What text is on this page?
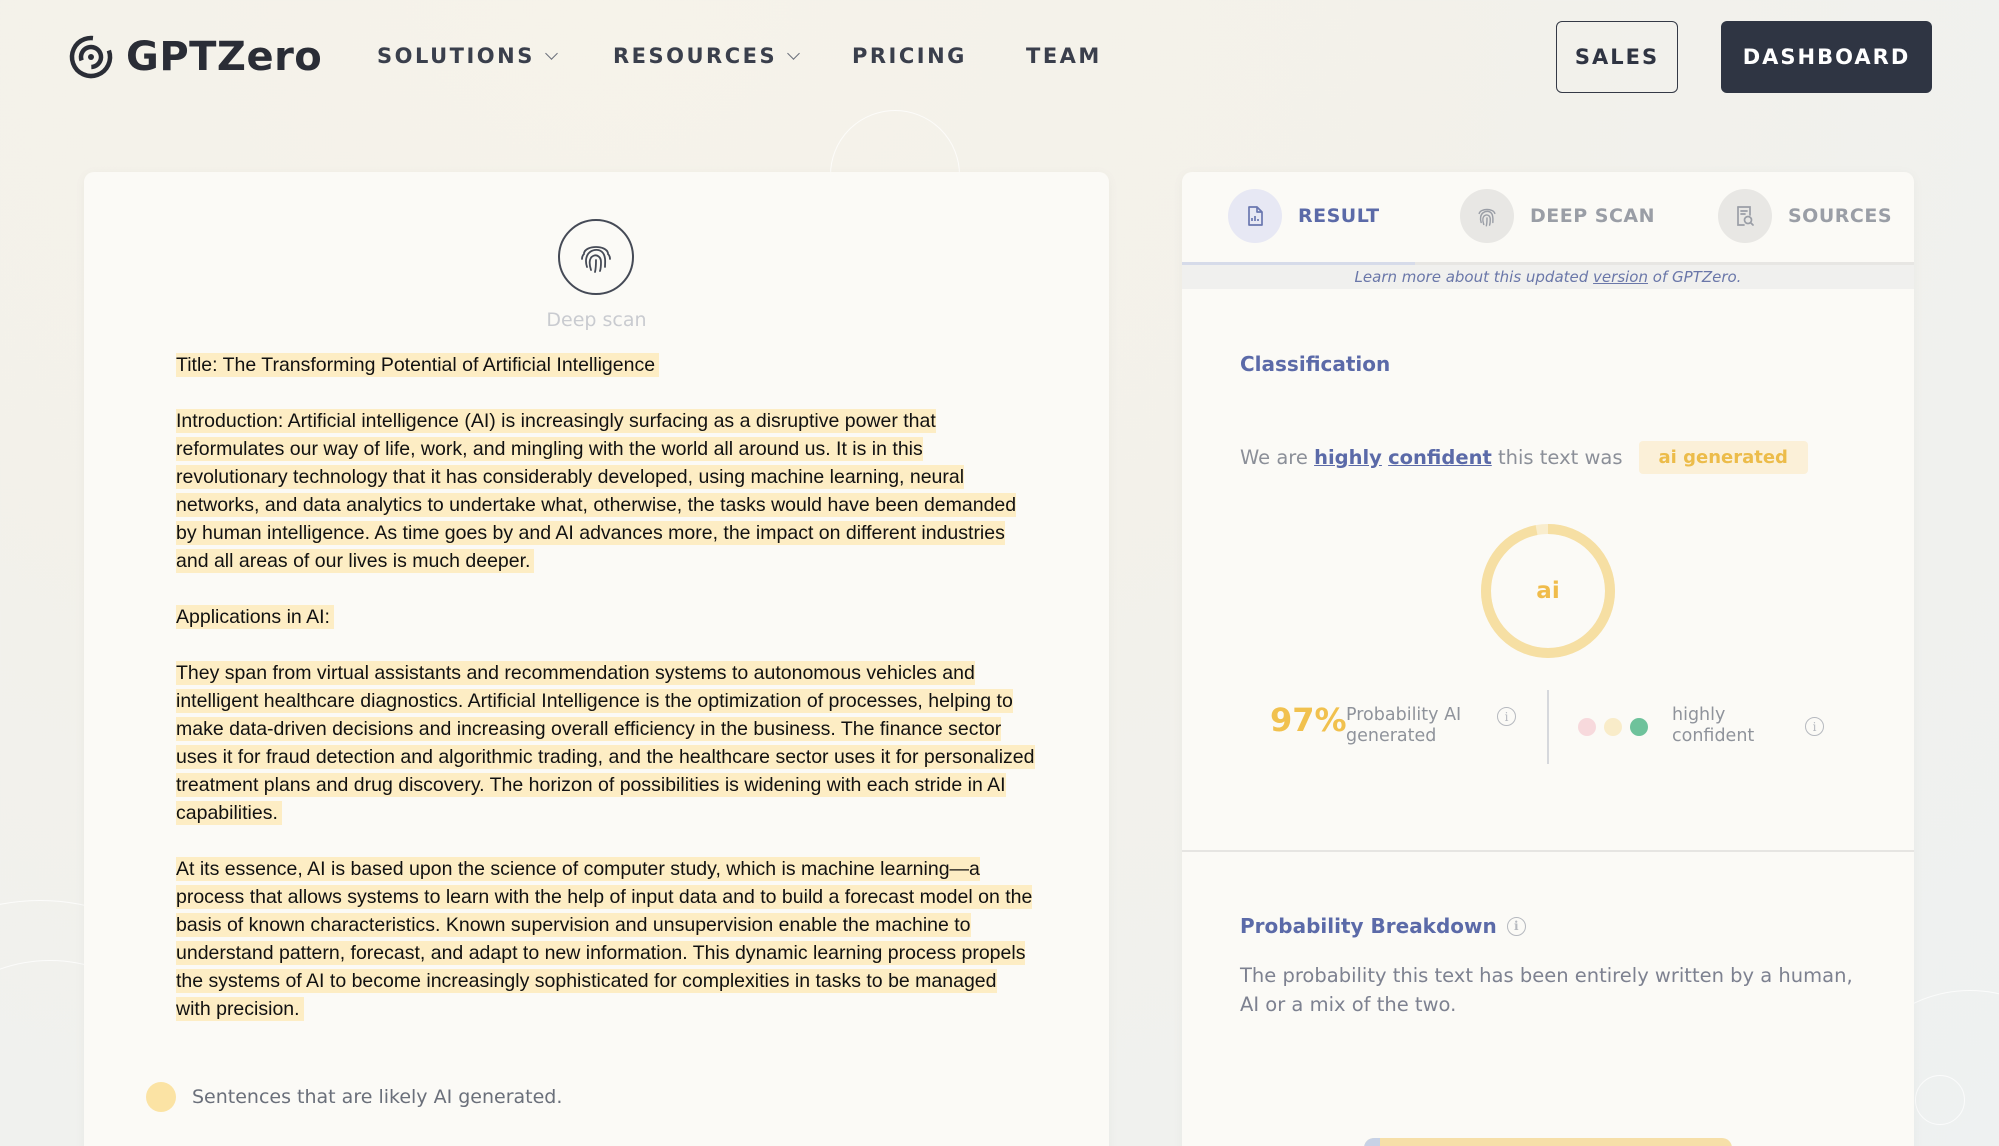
GPTZero	SOLUTIONS	RESOURCES	PRICING	TEAM	SALES	DASHBOARD
Deep scan

Title: The Transforming Potential of Artificial Intelligence

Introduction: Artificial intelligence (AI) is increasingly surfacing as a disruptive power that reformulates our way of life, work, and mingling with the world all around us. It is in this revolutionary technology that it has considerably developed, using machine learning, neural networks, and data analytics to undertake what, otherwise, the tasks would have been demanded by human intelligence. As time goes by and AI advances more, the impact on different industries and all areas of our lives is much deeper.

Applications in AI:

They span from virtual assistants and recommendation systems to autonomous vehicles and intelligent healthcare diagnostics. Artificial Intelligence is the optimization of processes, helping to make data-driven decisions and increasing overall efficiency in the business. The finance sector uses it for fraud detection and algorithmic trading, and the healthcare sector uses it for personalized treatment plans and drug discovery. The horizon of possibilities is widening with each stride in AI capabilities.

At its essence, AI is based upon the science of computer study, which is machine learning—a process that allows systems to learn with the help of input data and to build a forecast model on the basis of known characteristics. Known supervision and unsupervision enable the machine to understand pattern, forecast, and adapt to new information. This dynamic learning process propels the systems of AI to become increasingly sophisticated for complexities in tasks to be managed with precision.

Sentences that are likely AI generated.
RESULT	DEEP SCAN	SOURCES
Learn more about this updated version of GPTZero.
Classification
We are
highly
confident
this text was	ai generated
ai
97% Probability AI
generated
i	highly
confident	i
Probability Breakdown	i
The probability this text has been entirely written by a human, AI or a mix of the two.
